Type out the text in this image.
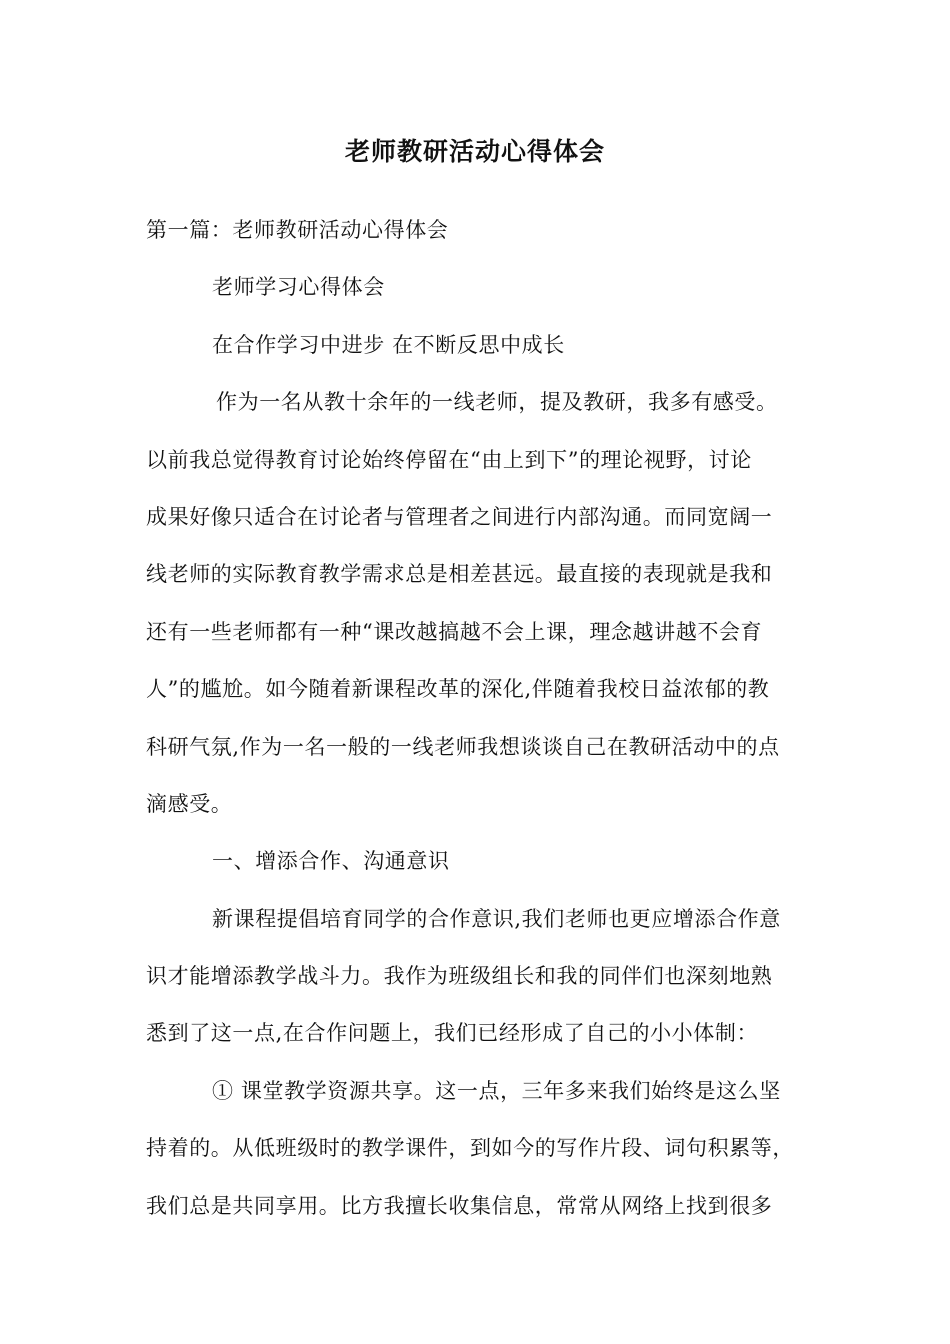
老师教研活动心得体会
第一篇：老师教研活动心得体会
老师学习心得体会
在合作学习中进步 在不断反思中成长
作为一名从教十余年的一线老师，提及教研，我多有感受。
以前我总觉得教育讨论始终停留在“由上到下”的理论视野，讨论
成果好像只适合在讨论者与管理者之间进行内部沟通。而同宽阔一
线老师的实际教育教学需求总是相差甚远。最直接的表现就是我和
还有一些老师都有一种“课改越搞越不会上课，理念越讲越不会育
人”的尴尬。如今随着新课程改革的深化,伴随着我校日益浓郁的教
科研气氛,作为一名一般的一线老师我想谈谈自己在教研活动中的点
滴感受。
一、增添合作、沟通意识
新课程提倡培育同学的合作意识,我们老师也更应增添合作意
识才能增添教学战斗力。我作为班级组长和我的同伴们也深刻地熟
悉到了这一点,在合作问题上，我们已经形成了自己的小小体制：
① 课堂教学资源共享。这一点，三年多来我们始终是这么坚
持着的。从低班级时的教学课件，到如今的写作片段、词句积累等，
我们总是共同享用。比方我擅长收集信息，常常从网络上找到很多
